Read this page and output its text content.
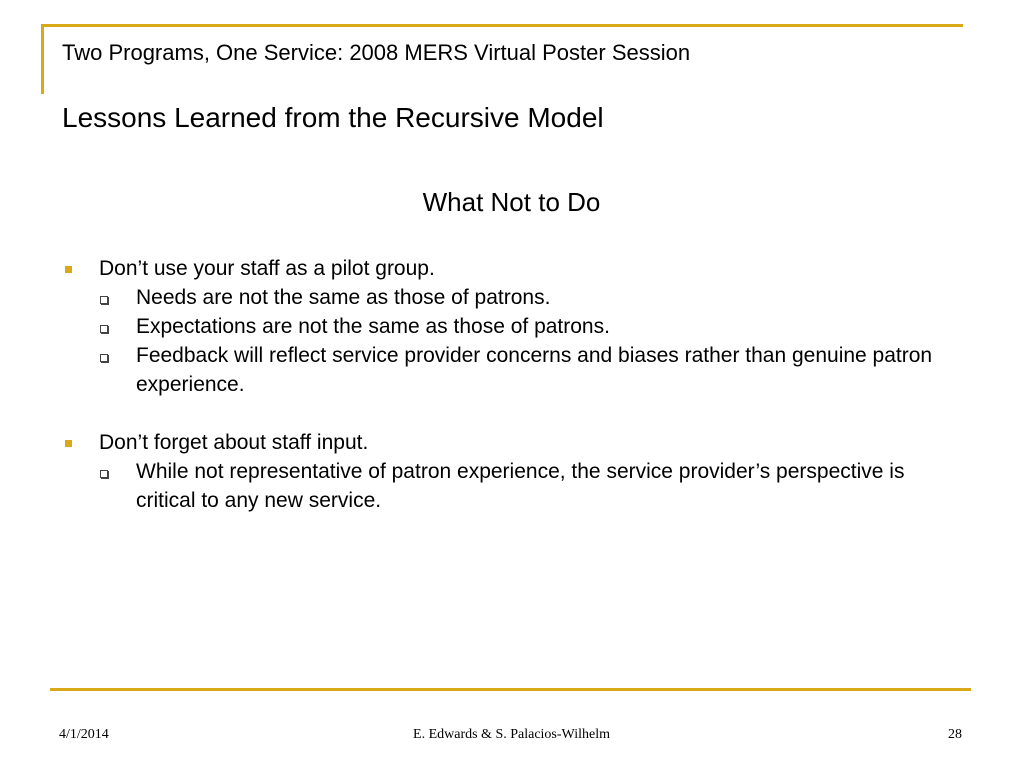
Two Programs, One Service: 2008 MERS Virtual Poster Session
Lessons Learned from the Recursive Model
What Not to Do
Don’t use your staff as a pilot group.
Needs are not the same as those of patrons.
Expectations are not the same as those of patrons.
Feedback will reflect service provider concerns and biases rather than genuine patron experience.
Don’t forget about staff input.
While not representative of patron experience, the service provider’s perspective is critical to any new service.
4/1/2014	E. Edwards & S. Palacios-Wilhelm	28
